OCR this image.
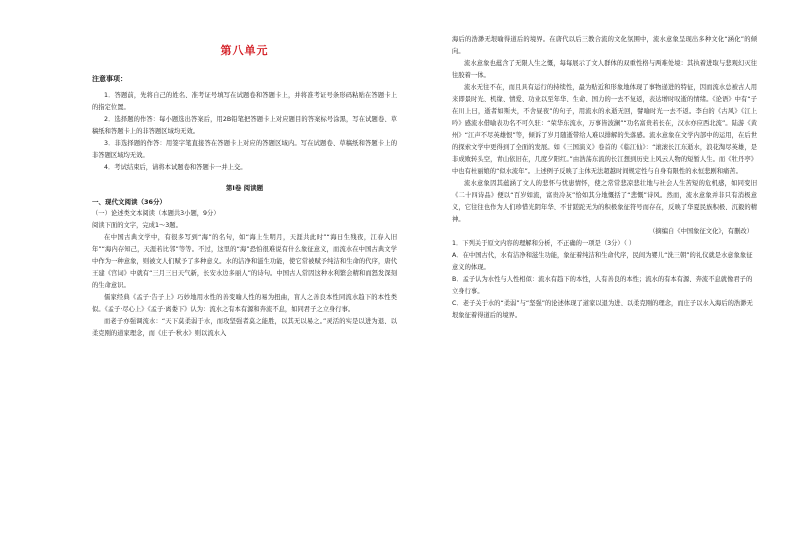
第八单元
注意事项：

1．答题前，先将自己的姓名、准考证号填写在试题卷和答题卡上，并将准考证号条形码粘贴在答题卡上的指定位置。

2．选择题的作答：每小题选出答案后，用2B铅笔把答题卡上对应题目的答案标号涂黑，写在试题卷、草稿纸和答题卡上的非答题区域均无效。

3．非选择题的作答：用签字笔直接答在答题卡上对应的答题区域内。写在试题卷、草稿纸和答题卡上的非答题区域均无效。

4．考试结束后，请将本试题卷和答题卡一并上交。

第Ⅰ卷 阅读题
一、现代文阅读（36分）

（一）论述类文本阅读（本题共3小题，9分）

阅读下面的文字，完成1～3题。

在中国古典文学中，有很多写到“海”的名句，如“海上生明月，天涯共此时”“海日生残夜，江春入旧年”“海内存知己，天涯若比邻”等等。不过，这里的“海”恐怕很难说有什么象征意义，而流水在中国古典文学中作为一种意象，则被文人们赋予了多种意义。水的洁净和滋生功能，使它常被赋予纯洁和生命的代序，唐代王建《宫词》中就有“三月三日天气新，长安水边多丽人”的诗句。中国古人常因这种水利繁会精和而怒发深刻的生命意识。

儒家经典《孟子·告子上》巧妙地用水性的善变喻人性的易为扭曲，盲人之善良本性同流水趋下的本性类似。《孟子·尽心上》《孟子·离娄下》认为：流水之有本有源和奔流不息，如同君子之立身行事。

而老子亦强调流水：“天下莫柔弱于水，而攻坚强者莫之能胜，以其无以易之。”灵活的实是以进为退、以柔克刚的道家理念，而《庄子·秋水》则以流水入

海后的浩渺无垠喻得道后的境界。在唐代以后三教合流的文化氛围中，流水意象呈现出多种文化“涵化”的倾向。

流水意象也蕴含了无限人生之慨，每每展示了文人群体的双重性格与两难处境：其执着进取与悲观幻灭往往胶着一体。

流水无往不在，而且具有运行的持续性，最为贴近和形象地体现了事物递进的特征，因而流水总被古人用来即景时光、机缘、情爱、功业以至年华、生命、国力的一去不复返，表达增时叹逝的情绪。《论语》中有“子在川上曰，逝者如斯夫，不舍昼夜”的句子，用流水的永逝无回，譬喻时光一去不返。李白的《古风》《江上吟》感流水借喻表功名不可久驻：“荣华东流水，万事皆波澜”“功名富贵若长在，汉水亦应西北流”。陆游《黄州》“江声不尽英雄恨”等，倾诉了岁月随逝带给人难以排解的失落感。流水意象在文学内部中的运用，在后世的探索文学中更得到了全面的发展。如《三国演义》卷首的《临江仙》：“滚滚长江东逝水，浪花淘尽英雄，是非成败转头空，青山依旧在，几度夕阳红。”由浩荡东流的长江想到历史上风云人物的短暂人生。而《牡丹亭》中也有杜丽娘的“似水流年”。上述例子反映了主体无法超越时间规定性与自身有限性的永恒悲剧和痛苦。

流水意象因其蕴涵了文人的悲怀与忧患情怀，使之常常悲凉悲壮地与社会人生苦短的危机感，如同变旧《二十四诗品》便以“百岁如流，富贵冷灰”恰如其分地慨括了“悲慨”诗风。然而，流水意象并非只有消极意义，它往往也作为人们珍惜光阴年华、不甘蹉跎无为的积极象征符号而存在，反映了华夏民族积极、沉毅的精神。

（摘编自《中国象征文化》，有删改）
1．下列关于原文内容的理解和分析，不正确的一项是（3分）（ ）
A．在中国古代，水有洁净和滋生功能，象征着纯洁和生命代序，民间为婴儿“洗三朝”的礼仪就是水意象象征意义的体现。
B．孟子认为水性与人性相似：流水有趋下的本性，人有善良的本性；流水的有本有源、奔流不息就像君子的立身行事。
C．老子关于水的“柔弱”与“坚强”的论述体现了道家以退为进、以柔克刚的理念，而庄子以水入海后的浩渺无垠象征着得道后的境界。
